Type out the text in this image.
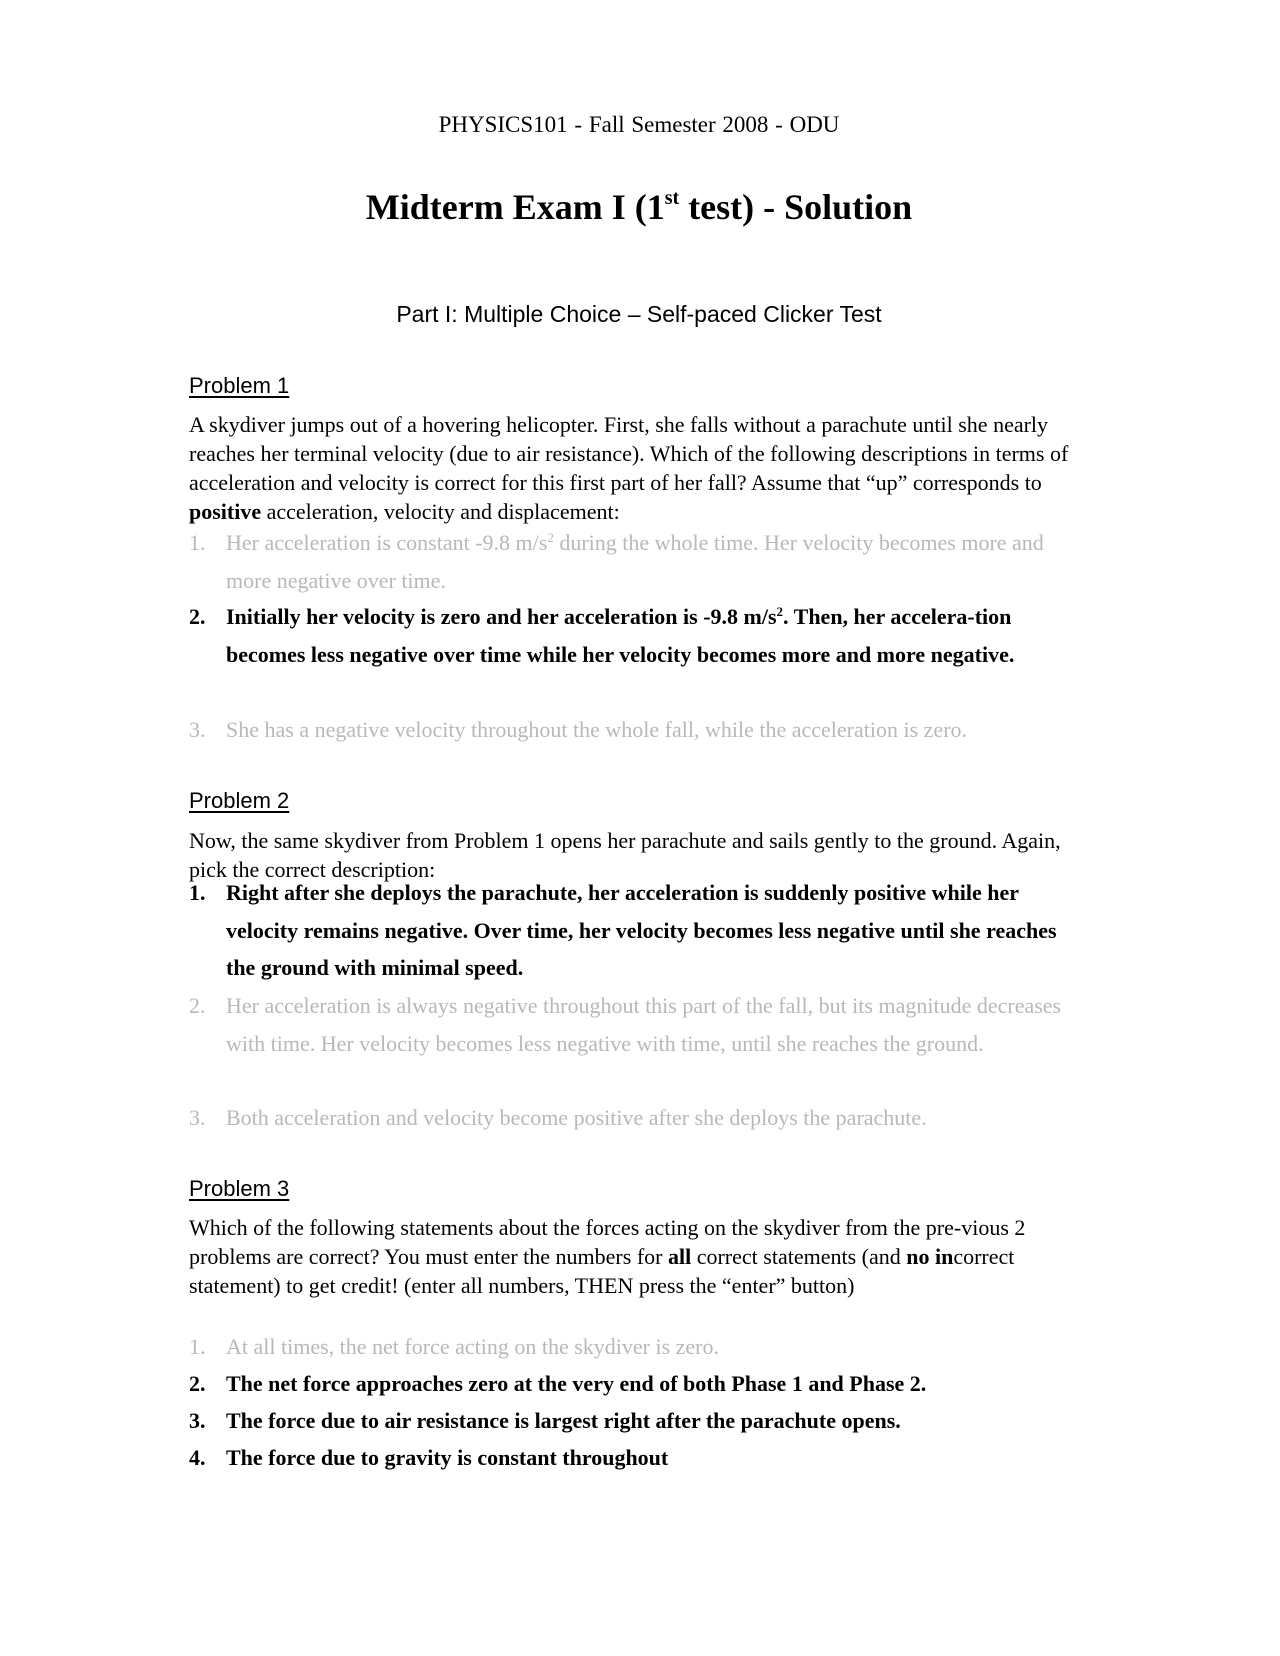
PHYSICS101 - Fall Semester 2008 - ODU
Midterm Exam I (1st test) - Solution
Part I: Multiple Choice – Self-paced Clicker Test
Problem 1
A skydiver jumps out of a hovering helicopter. First, she falls without a parachute until she nearly reaches her terminal velocity (due to air resistance). Which of the following descriptions in terms of acceleration and velocity is correct for this first part of her fall? Assume that “up” corresponds to positive acceleration, velocity and displacement:
1. Her acceleration is constant -9.8 $m/s^2$ during the whole time. Her velocity becomes more and more negative over time.
2. Initially her velocity is zero and her acceleration is -9.8 $m/s^2$. Then, her accelera-tion becomes less negative over time while her velocity becomes more and more negative.
3. She has a negative velocity throughout the whole fall, while the acceleration is zero.
Problem 2
Now, the same skydiver from Problem 1 opens her parachute and sails gently to the ground. Again, pick the correct description:
1. Right after she deploys the parachute, her acceleration is suddenly positive while her velocity remains negative. Over time, her velocity becomes less negative until she reaches the ground with minimal speed.
2. Her acceleration is always negative throughout this part of the fall, but its magnitude decreases with time. Her velocity becomes less negative with time, until she reaches the ground.
3. Both acceleration and velocity become positive after she deploys the parachute.
Problem 3
Which of the following statements about the forces acting on the skydiver from the pre-vious 2 problems are correct? You must enter the numbers for all correct statements (and no incorrect statement) to get credit! (enter all numbers, THEN press the “enter” button)
1. At all times, the net force acting on the skydiver is zero.
2. The net force approaches zero at the very end of both Phase 1 and Phase 2.
3. The force due to air resistance is largest right after the parachute opens.
4. The force due to gravity is constant throughout
